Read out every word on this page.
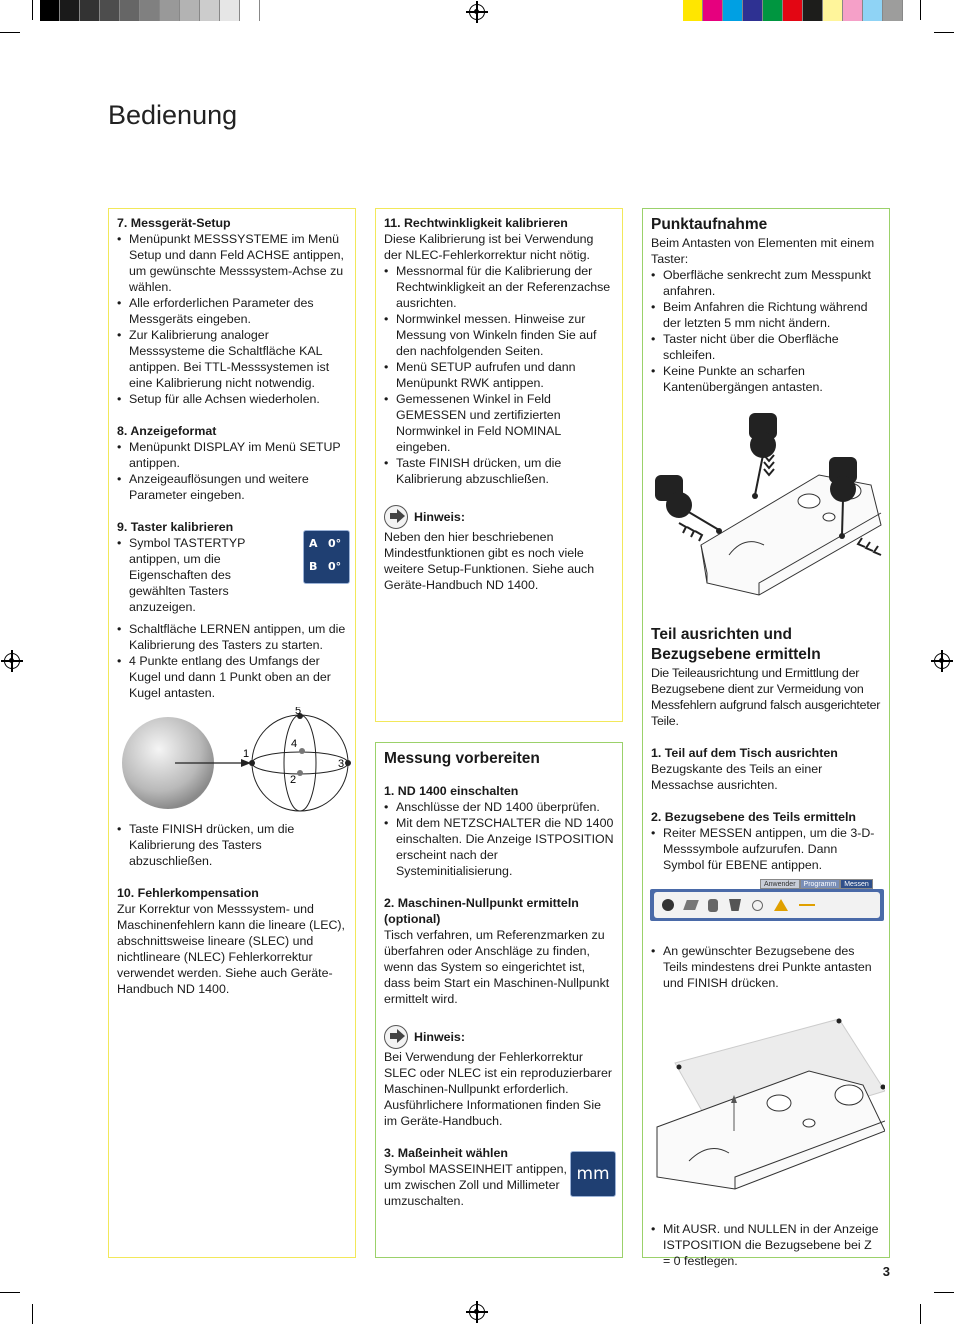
Bedienung

7. Messgerät-Setup

• Menüpunkt MESSSYSTEME im Menü Setup und dann Feld ACHSE antippen, um gewünschte Messsystem-Achse zu wählen.
• Alle erforderlichen Parameter des Messgeräts eingeben.
• Zur Kalibrierung analoger Messsysteme die Schaltfläche KAL antippen. Bei TTL-Messsystemen ist eine Kalibrierung nicht notwendig.
• Setup für alle Achsen wiederholen.

8. Anzeigeformat

• Menüpunkt DISPLAY im Menü SETUP antippen.
• Anzeigeauflösungen und weitere Parameter eingeben.

9. Taster kalibrieren

• Symbol TASTERTYP antippen, um die Eigenschaften des gewählten Tasters anzuzeigen.
A 0°
B 0°
• Schaltfläche LERNEN antippen, um die Kalibrierung des Tasters zu starten.
• 4 Punkte entlang des Umfangs der Kugel und dann 1 Punkt oben an der Kugel antasten.
1
2
3
4
5
• Taste FINISH drücken, um die Kalibrierung des Tasters abzuschließen.

10. Fehlerkompensation

Zur Korrektur von Messsystem- und Maschinenfehlern kann die lineare (LEC), abschnittsweise lineare (SLEC) und nichtlineare (NLEC) Fehlerkorrektur verwendet werden. Siehe auch Geräte-Handbuch ND 1400.

11. Rechtwinkligkeit kalibrieren

Diese Kalibrierung ist bei Verwendung der NLEC-Fehlerkorrektur nicht nötig.

• Messnormal für die Kalibrierung der Rechtwinkligkeit an der Referenzachse ausrichten.
• Normwinkel messen. Hinweise zur Messung von Winkeln finden Sie auf den nachfolgenden Seiten.
• Menü SETUP aufrufen und dann Menüpunkt RWK antippen.
• Gemessenen Winkel in Feld GEMESSEN und zertifizierten Normwinkel in Feld NOMINAL eingeben.
• Taste FINISH drücken, um die Kalibrierung abzuschließen.
Hinweis:

Neben den hier beschriebenen Mindestfunktionen gibt es noch viele weitere Setup-Funktionen. Siehe auch Geräte-Handbuch ND 1400.

Messung vorbereiten

1. ND 1400 einschalten

• Anschlüsse der ND 1400 überprüfen.
• Mit dem NETZSCHALTER die ND 1400 einschalten. Die Anzeige ISTPOSITION erscheint nach der Systeminitialisierung.

2. Maschinen-Nullpunkt ermitteln (optional)

Tisch verfahren, um Referenzmarken zu überfahren oder Anschläge zu finden, wenn das System so eingerichtet ist, dass beim Start ein Maschinen-Nullpunkt ermittelt wird.

Hinweis:

Bei Verwendung der Fehlerkorrektur SLEC oder NLEC ist ein reproduzierbarer Maschinen-Nullpunkt erforderlich. Ausführlichere Informationen finden Sie im Geräte-Handbuch.

3. Maßeinheit wählen

Symbol MASSEINHEIT antippen, um zwischen Zoll und Millimeter umzuschalten.

mm
Punktaufnahme

Beim Antasten von Elementen mit einem Taster:

• Oberfläche senkrecht zum Messpunkt anfahren.
• Beim Anfahren die Richtung während der letzten 5 mm nicht ändern.
• Taster nicht über die Oberfläche schleifen.
• Keine Punkte an scharfen Kantenübergängen antasten.
Teil ausrichten und Bezugsebene ermitteln

Die Teileausrichtung und Ermittlung der Bezugsebene dient zur Vermeidung von Messfehlern aufgrund falsch ausgerichteter Teile.

1. Teil auf dem Tisch ausrichten

Bezugskante des Teils an einer Messachse ausrichten.

2. Bezugsebene des Teils ermitteln

• Reiter MESSEN antippen, um die 3-D-Messsymbole aufzurufen. Dann Symbol für EBENE antippen.
Anwender	Programm	Messen
• An gewünschter Bezugsebene des Teils mindestens drei Punkte antasten und FINISH drücken.
• Mit AUSR. und NULLEN in der Anzeige ISTPOSITION die Bezugsebene bei Z = 0 festlegen.
3
